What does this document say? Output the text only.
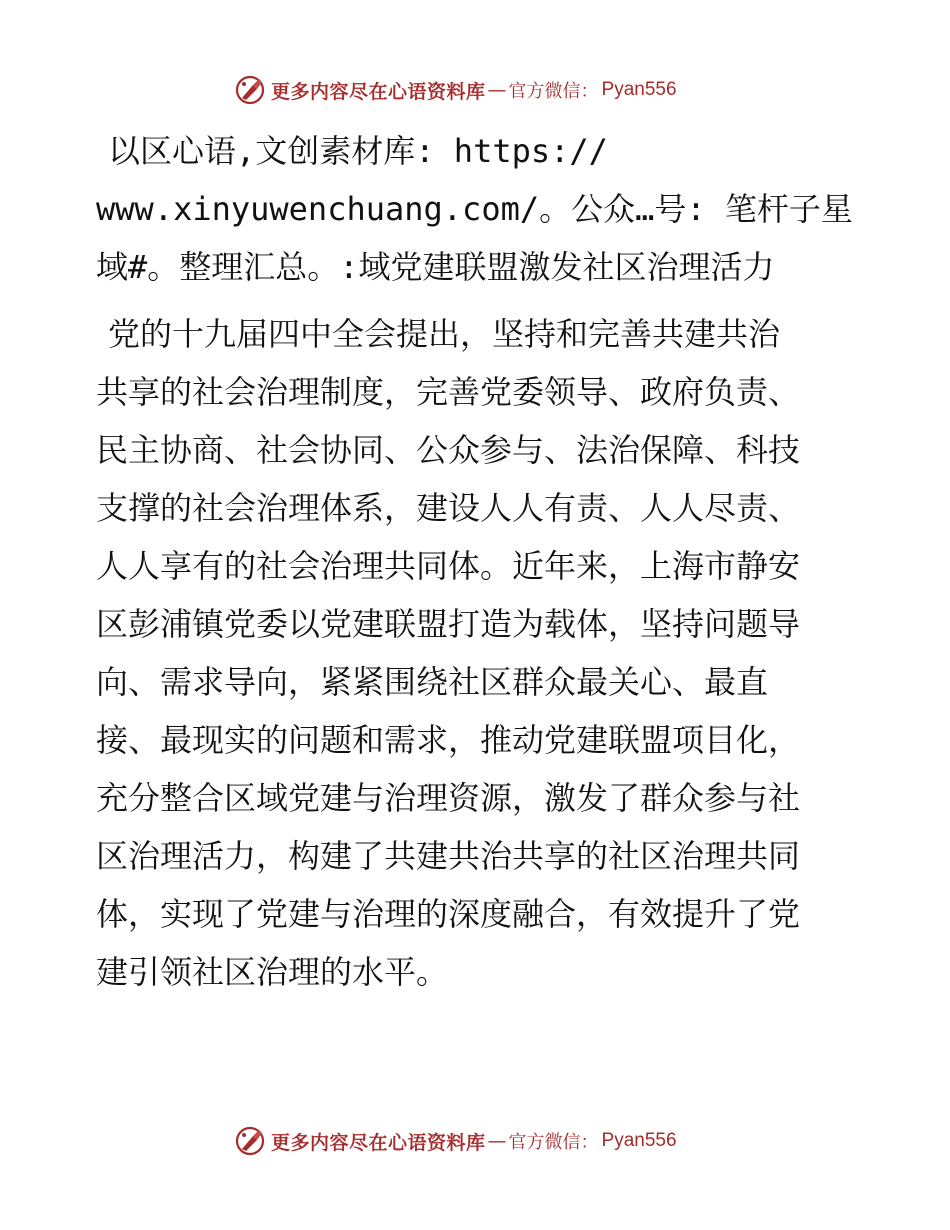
更多内容尽在心语资料库 — 官方微信： Pyan556
以区心语,文创素材库: https://
www.xinyuwenchuang.com/。公众…号: 笔杆子星
域#。整理汇总。:域党建联盟激发社区治理活力
党的十九届四中全会提出，坚持和完善共建共治
共享的社会治理制度，完善党委领导、政府负责、
民主协商、社会协同、公众参与、法治保障、科技
支撑的社会治理体系，建设人人有责、人人尽责、
人人享有的社会治理共同体。近年来，上海市静安
区彭浦镇党委以党建联盟打造为载体，坚持问题导
向、需求导向，紧紧围绕社区群众最关心、最直
接、最现实的问题和需求，推动党建联盟项目化，
充分整合区域党建与治理资源，激发了群众参与社
区治理活力，构建了共建共治共享的社区治理共同
体，实现了党建与治理的深度融合，有效提升了党
建引领社区治理的水平。
更多内容尽在心语资料库 — 官方微信： Pyan556
